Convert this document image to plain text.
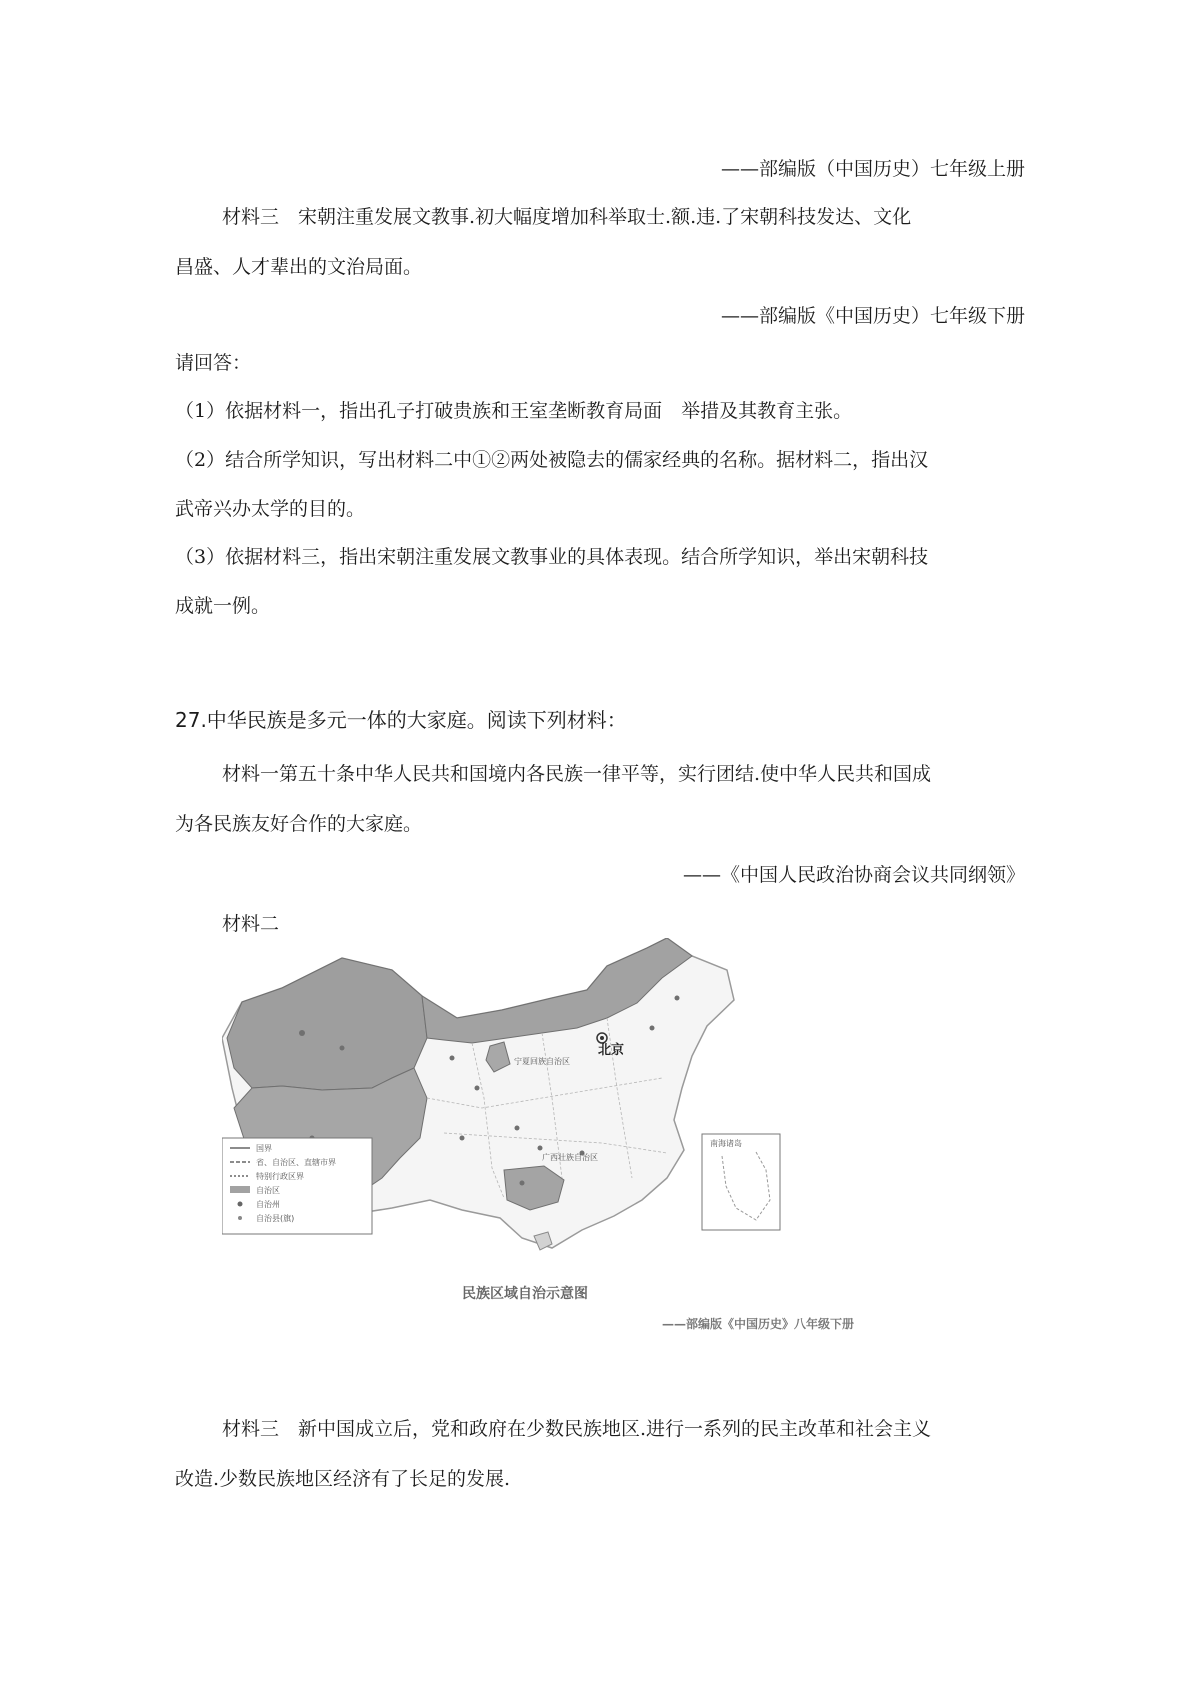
——部编版（中国历史）七年级上册
材料三　宋朝注重发展文教事.初大幅度增加科举取士.额.违.了宋朝科技发达、文化
昌盛、人才辈出的文治局面。
——部编版《中国历史）七年级下册
请回答：
（1）依据材料一，指出孔子打破贵族和王室垄断教育局面　举措及其教育主张。
（2）结合所学知识，写出材料二中①②两处被隐去的儒家经典的名称。据材料二，指出汉
武帝兴办太学的目的。
（3）依据材料三，指出宋朝注重发展文教事业的具体表现。结合所学知识，举出宋朝科技
成就一例。
27.中华民族是多元一体的大家庭。阅读下列材料：
材料一第五十条中华人民共和国境内各民族一律平等，实行团结.使中华人民共和国成
为各民族友好合作的大家庭。
——《中国人民政治协商会议共同纲领》
材料二
北京
宁夏回族自治区
广西壮族自治区
国界
省、自治区、直辖市界
特别行政区界
自治区
自治州
自治县(旗)
南海诸岛
民族区域自治示意图
——部编版《中国历史》八年级下册
材料三　新中国成立后，党和政府在少数民族地区.进行一系列的民主改革和社会主义
改造.少数民族地区经济有了长足的发展.
